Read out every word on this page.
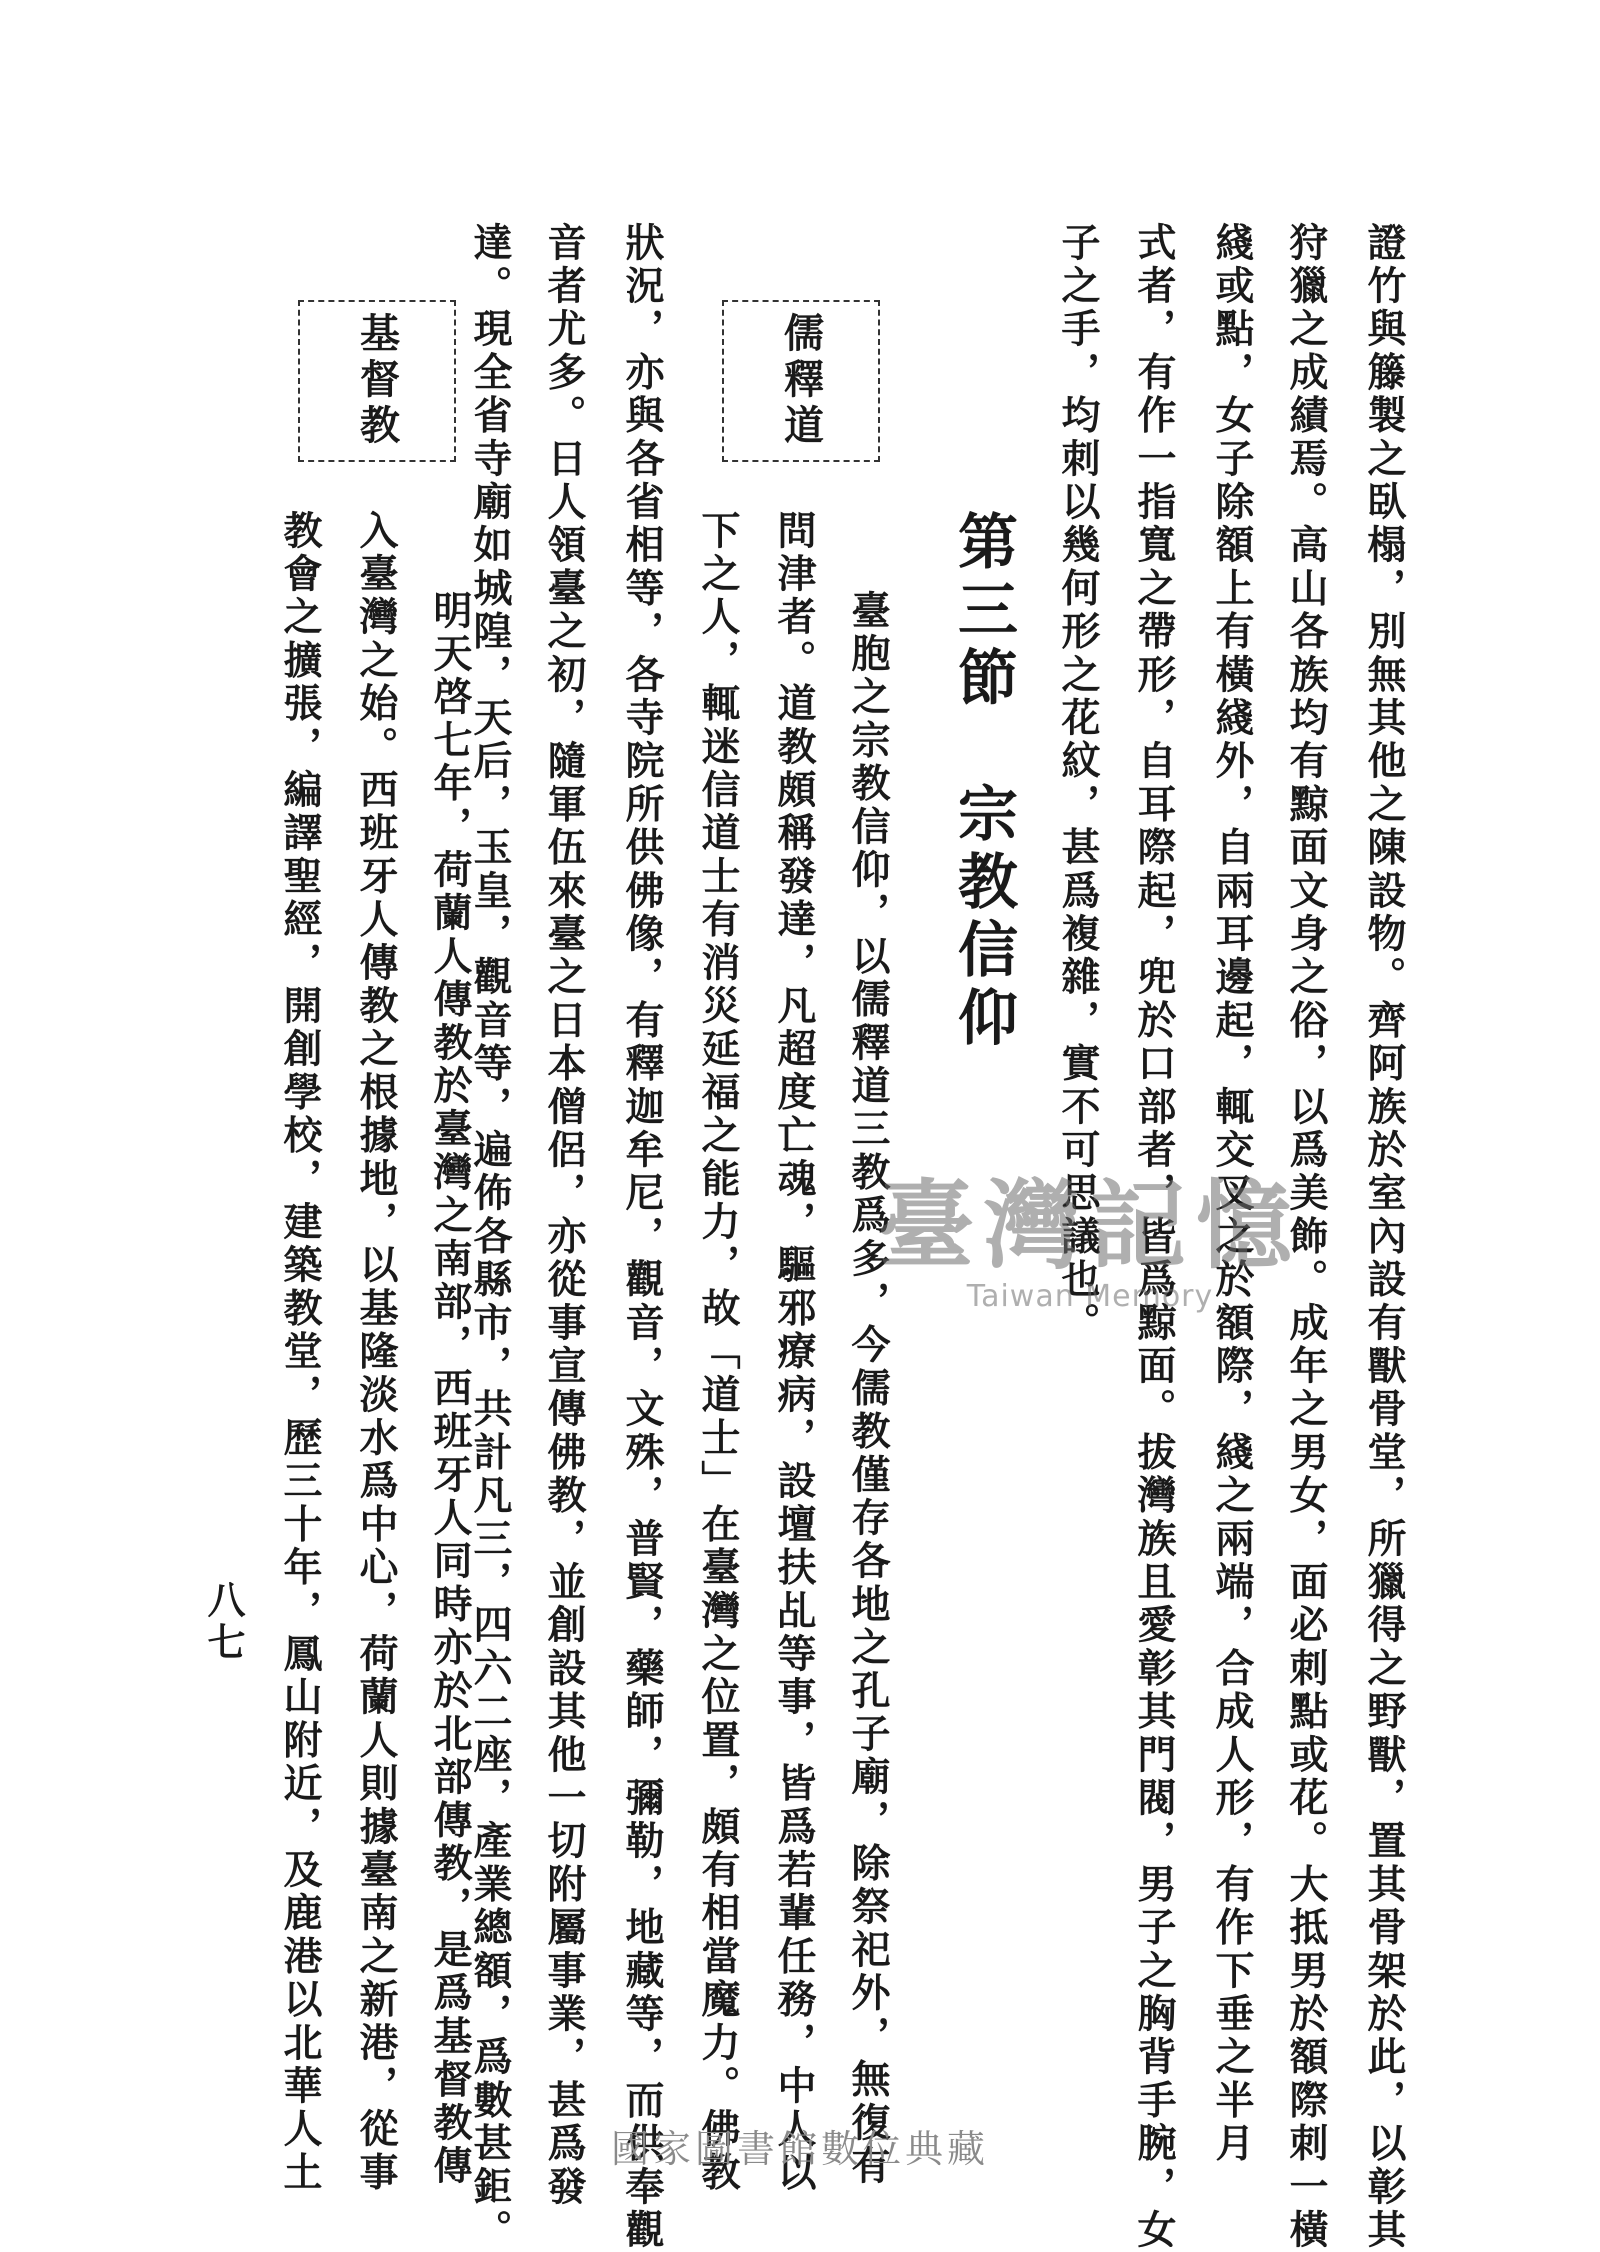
證竹與籐製之臥榻，別無其他之陳設物。齊阿族於室內設有獸骨堂，所獵得之野獸，置其骨架於此，以彰其
狩獵之成績焉。高山各族均有黥面文身之俗，以爲美飾。成年之男女，面必刺點或花。大抵男於額際刺一橫
綫或點，女子除額上有橫綫外，自兩耳邊起，輒交叉之於額際，綫之兩端，合成人形，有作下垂之半月
式者，有作一指寬之帶形，自耳際起，兜於口部者，皆爲黥面。拔灣族且愛彰其門閥，男子之胸背手腕，女
子之手，均刺以幾何形之花紋，甚爲複雜，實不可思議也。
第三節　宗教信仰
臺胞之宗教信仰，以儒釋道三教爲多，今儒教僅存各地之孔子廟，除祭祀外，無復有
問津者。道教頗稱發達，凡超度亡魂，驅邪療病，設壇扶乩等事，皆爲若輩任務，中人以
下之人，輒迷信道士有消災延福之能力，故「道士」在臺灣之位置，頗有相當魔力。佛教
狀況，亦與各省相等，各寺院所供佛像，有釋迦牟尼，觀音，文殊，普賢，藥師，彌勒，地藏等，而供奉觀
音者尤多。日人領臺之初，隨軍伍來臺之日本僧侶，亦從事宣傳佛教，並創設其他一切附屬事業，甚爲發
達。現全省寺廟如城隍，天后，玉皇，觀音等，遍佈各縣市，共計凡三，四六二座，產業總額，爲數甚鉅。
明天啓七年，荷蘭人傳教於臺灣之南部，西班牙人同時亦於北部傳教，是爲基督教傳
入臺灣之始。西班牙人傳教之根據地，以基隆淡水爲中心，荷蘭人則據臺南之新港，從事
教會之擴張，編譯聖經，開創學校，建築教堂，歷三十年，鳳山附近，及鹿港以北華人土
儒釋道
基督教
八七
臺灣記憶
Taiwan Memory
國家圖書館數位典藏
